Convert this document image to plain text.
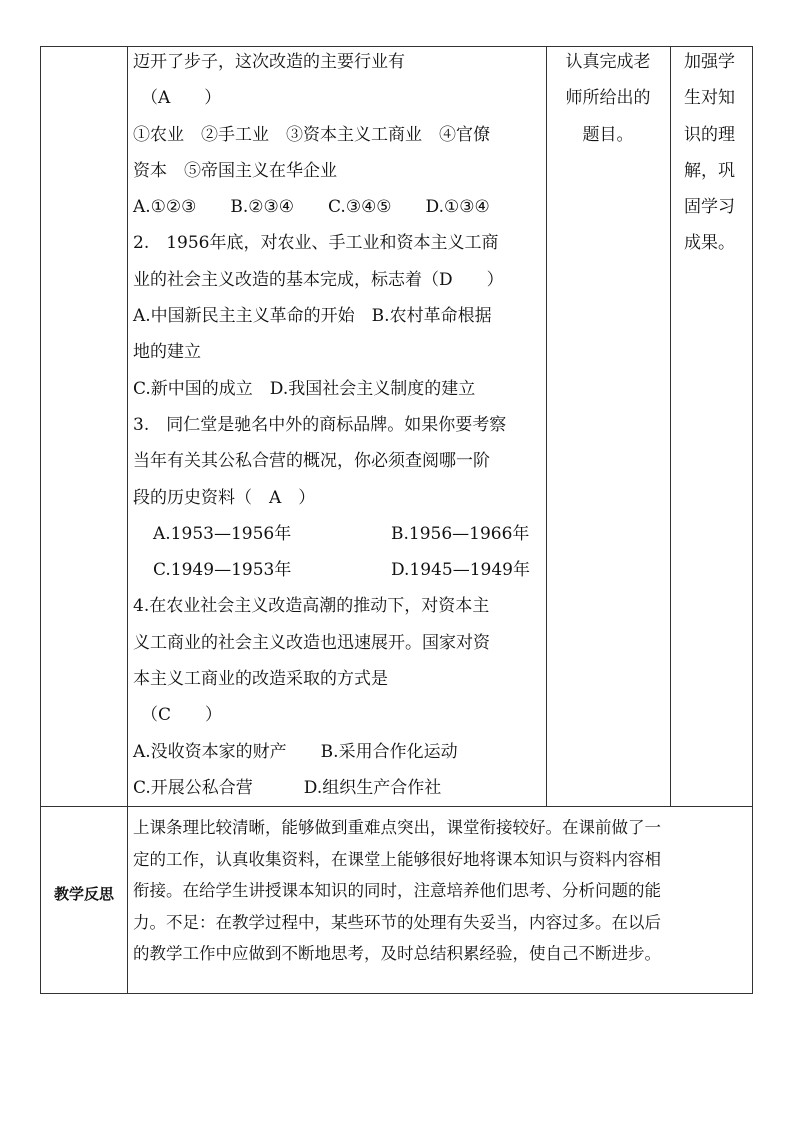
迈开了步子，这次改造的主要行业有
（A　　）
①农业　②手工业　③资本主义工商业　④官僚
资本　⑤帝国主义在华企业
A.①②③　　B.②③④　　C.③④⑤　　D.①③④
2.　1956年底，对农业、手工业和资本主义工商
业的社会主义改造的基本完成，标志着（D　　）
A.中国新民主主义革命的开始　B.农村革命根据
地的建立
C.新中国的成立　D.我国社会主义制度的建立
3.　同仁堂是驰名中外的商标品牌。如果你要考察
当年有关其公私合营的概况，你必须查阅哪一阶
段的历史资料（　A　）
A.1953—1956年	B.1956—1966年
C.1949—1953年	D.1945—1949年
4.在农业社会主义改造高潮的推动下，对资本主
义工商业的社会主义改造也迅速展开。国家对资
本主义工商业的改造采取的方式是
（C　　）
A.没收资本家的财产　　B.采用合作化运动
C.开展公私合营　　　D.组织生产合作社
认真完成老
师所给出的
题目。
加强学
生对知
识的理
解，巩
固学习
成果。
教学反思
上课条理比较清晰，能够做到重难点突出，课堂衔接较好。在课前做了一
定的工作，认真收集资料，在课堂上能够很好地将课本知识与资料内容相
衔接。在给学生讲授课本知识的同时，注意培养他们思考、分析问题的能
力。不足：在教学过程中，某些环节的处理有失妥当，内容过多。在以后
的教学工作中应做到不断地思考，及时总结积累经验，使自己不断进步。
